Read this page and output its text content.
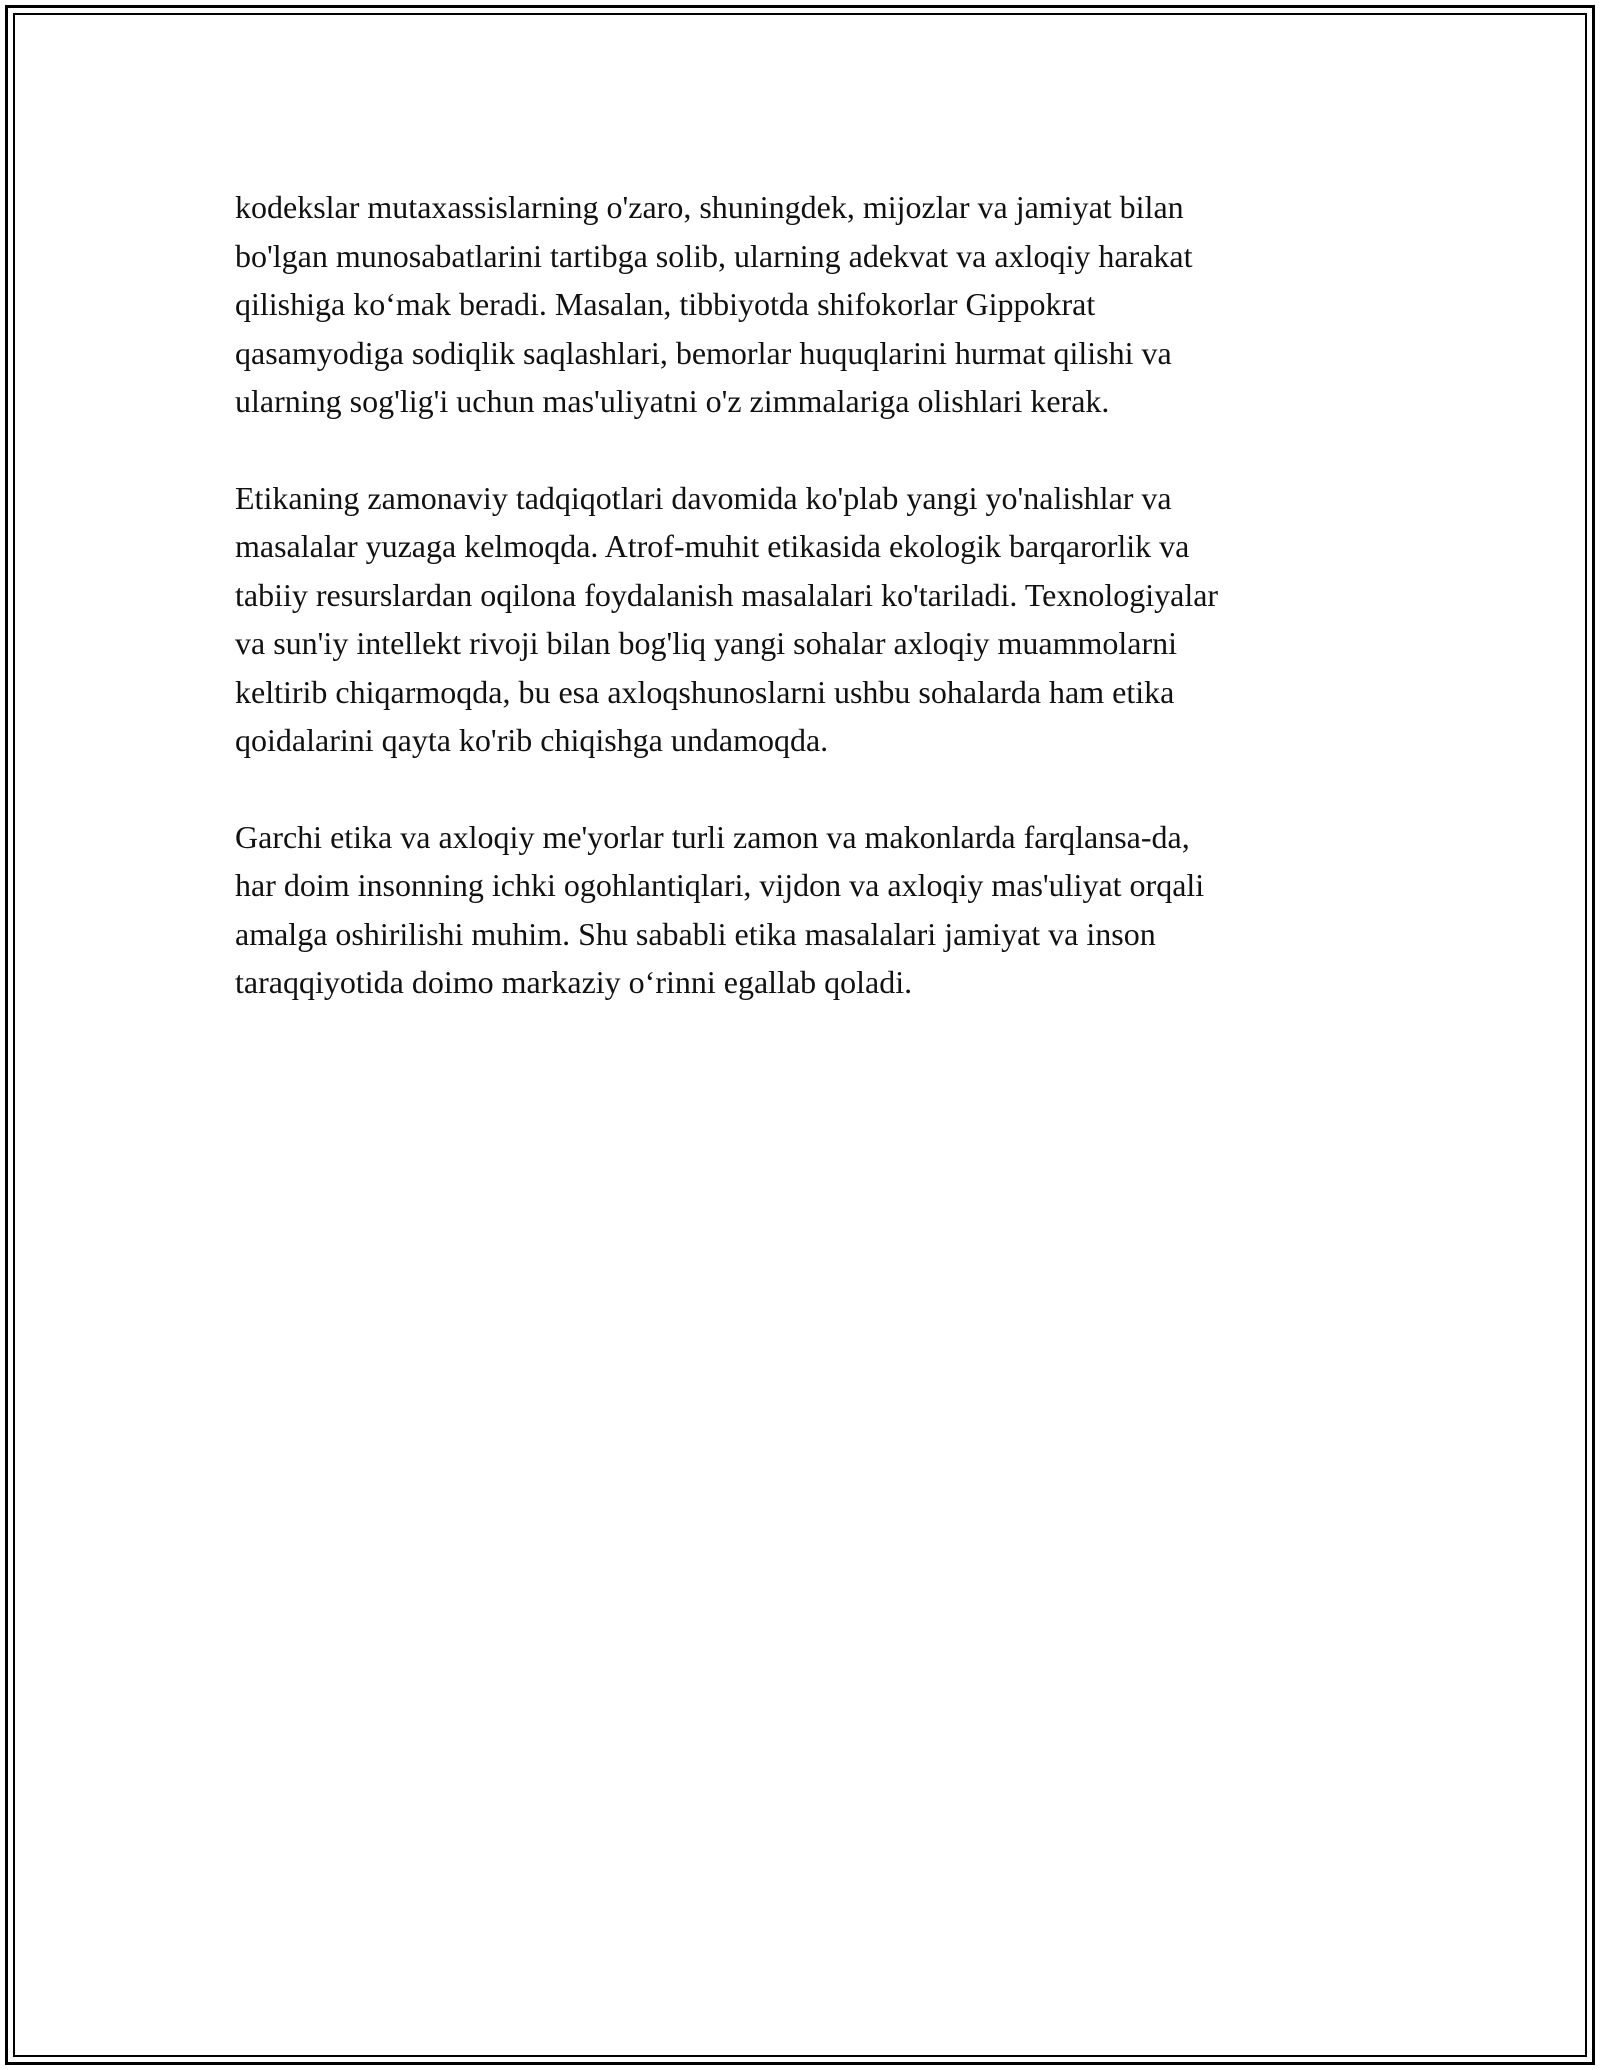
kodekslar mutaxassislarning o'zaro, shuningdek, mijozlar va jamiyat bilan
bo'lgan munosabatlarini tartibga solib, ularning adekvat va axloqiy harakat
qilishiga ko‘mak beradi. Masalan, tibbiyotda shifokorlar Gippokrat
qasamyodiga sodiqlik saqlashlari, bemorlar huquqlarini hurmat qilishi va
ularning sog'lig'i uchun mas'uliyatni o'z zimmalariga olishlari kerak.

Etikaning zamonaviy tadqiqotlari davomida ko'plab yangi yo'nalishlar va
masalalar yuzaga kelmoqda. Atrof-muhit etikasida ekologik barqarorlik va
tabiiy resurslardan oqilona foydalanish masalalari ko'tariladi. Texnologiyalar
va sun'iy intellekt rivoji bilan bog'liq yangi sohalar axloqiy muammolarni
keltirib chiqarmoqda, bu esa axloqshunoslarni ushbu sohalarda ham etika
qoidalarini qayta ko'rib chiqishga undamoqda.

Garchi etika va axloqiy me'yorlar turli zamon va makonlarda farqlansa-da,
har doim insonning ichki ogohlantiqlari, vijdon va axloqiy mas'uliyat orqali
amalga oshirilishi muhim. Shu sababli etika masalalari jamiyat va inson
taraqqiyotida doimo markaziy o‘rinni egallab qoladi.
